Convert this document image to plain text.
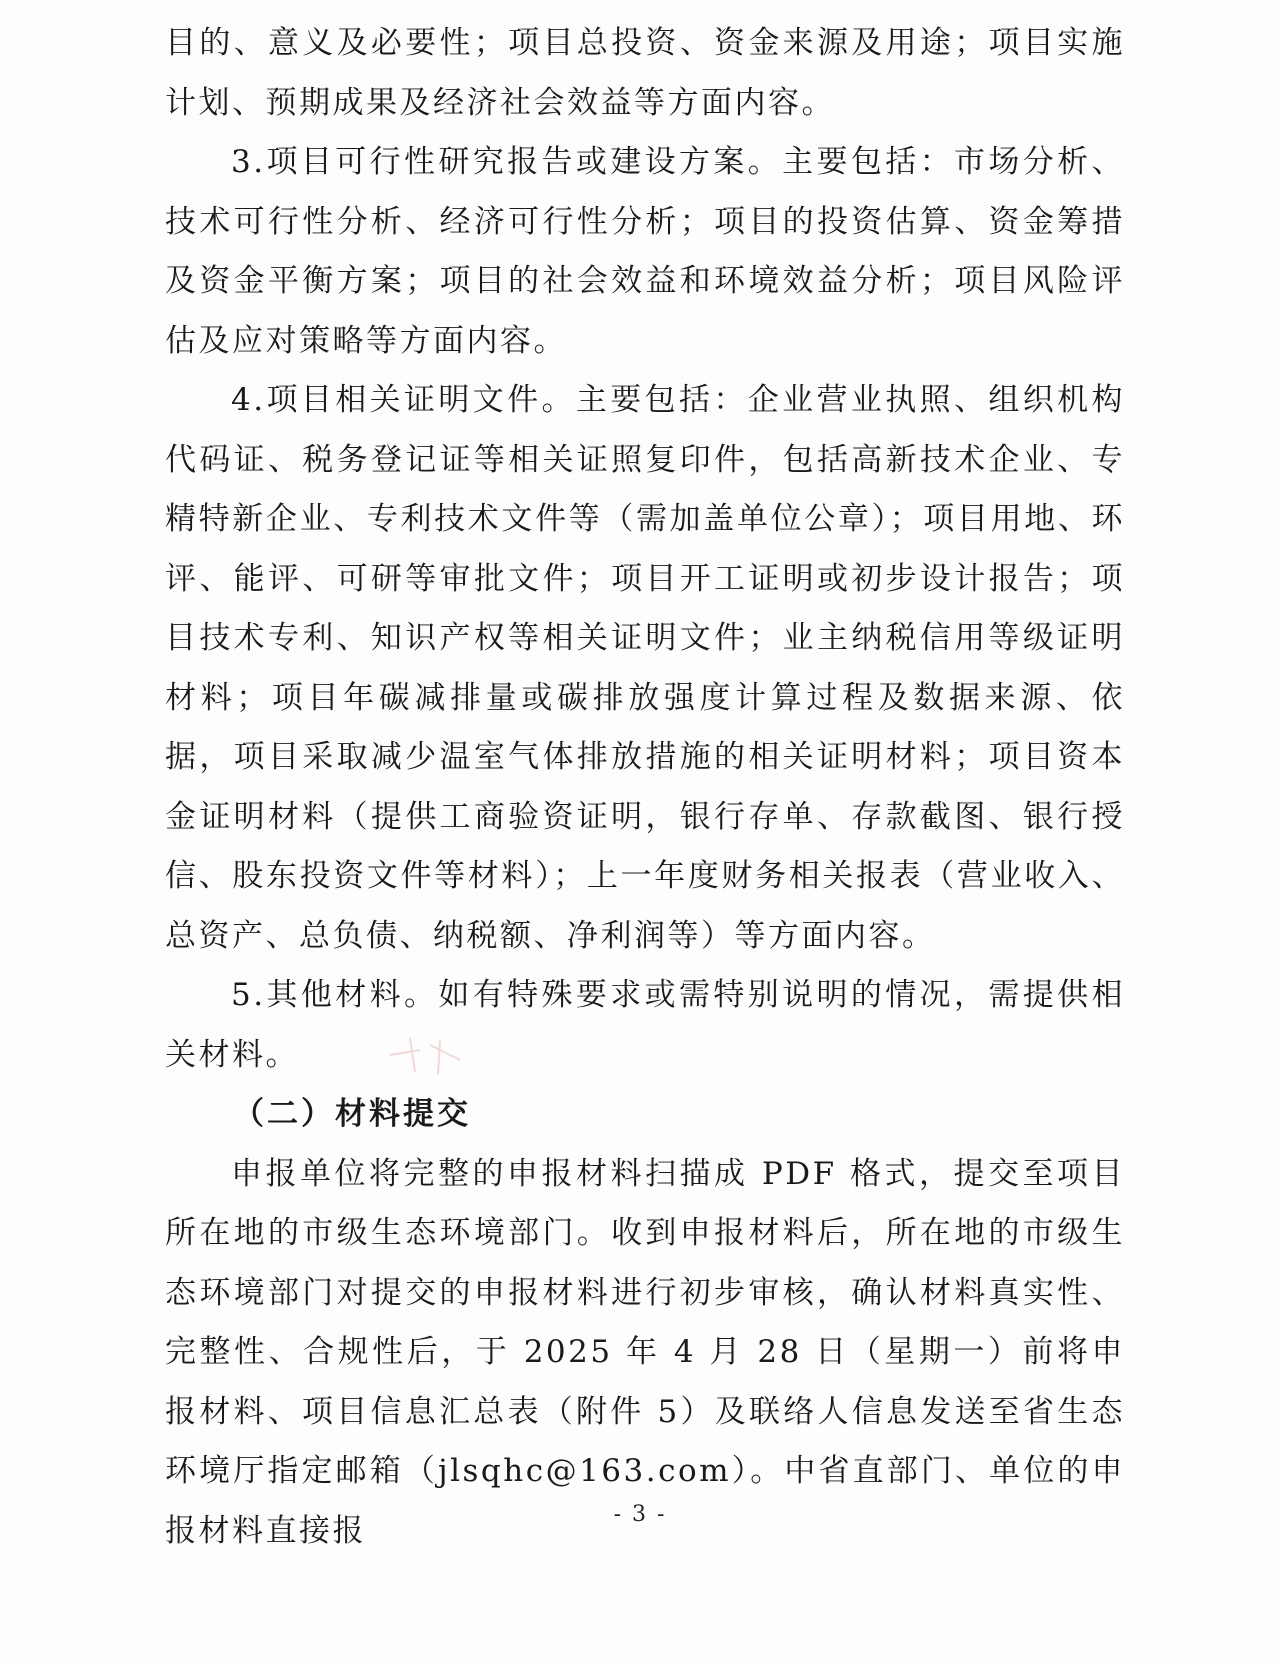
目的、意义及必要性；项目总投资、资金来源及用途；项目实施计划、预期成果及经济社会效益等方面内容。

3.项目可行性研究报告或建设方案。主要包括：市场分析、技术可行性分析、经济可行性分析；项目的投资估算、资金筹措及资金平衡方案；项目的社会效益和环境效益分析；项目风险评估及应对策略等方面内容。

4.项目相关证明文件。主要包括：企业营业执照、组织机构代码证、税务登记证等相关证照复印件，包括高新技术企业、专精特新企业、专利技术文件等（需加盖单位公章）；项目用地、环评、能评、可研等审批文件；项目开工证明或初步设计报告；项目技术专利、知识产权等相关证明文件；业主纳税信用等级证明材料；项目年碳减排量或碳排放强度计算过程及数据来源、依据，项目采取减少温室气体排放措施的相关证明材料；项目资本金证明材料（提供工商验资证明，银行存单、存款截图、银行授信、股东投资文件等材料）；上一年度财务相关报表（营业收入、总资产、总负债、纳税额、净利润等）等方面内容。

5.其他材料。如有特殊要求或需特别说明的情况，需提供相关材料。

（二）材料提交

申报单位将完整的申报材料扫描成 PDF 格式，提交至项目所在地的市级生态环境部门。收到申报材料后，所在地的市级生态环境部门对提交的申报材料进行初步审核，确认材料真实性、完整性、合规性后，于 2025 年 4 月 28 日（星期一）前将申报材料、项目信息汇总表（附件 5）及联络人信息发送至省生态环境厅指定邮箱（jlsqhc@163.com）。中省直部门、单位的申报材料直接报	- 3 -
